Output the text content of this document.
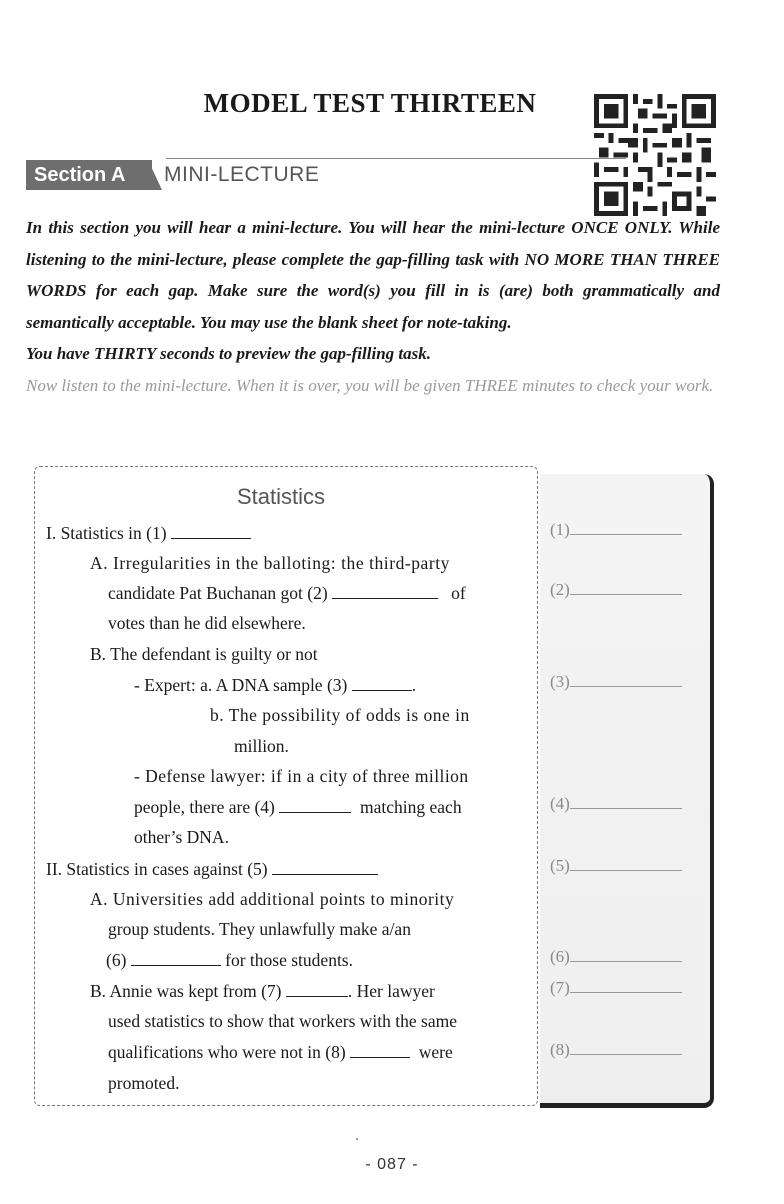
MODEL TEST THIRTEEN
Section A	MINI-LECTURE

In this section you will hear a mini-lecture. You will hear the mini-lecture ONCE ONLY. While listening to the mini-lecture, please complete the gap-filling task with NO MORE THAN THREE WORDS for each gap. Make sure the word(s) you fill in is (are) both grammatically and semantically acceptable. You may use the blank sheet for note-taking.

You have THIRTY seconds to preview the gap-filling task.

Now listen to the mini-lecture. When it is over, you will be given THREE minutes to check your work.

Statistics
I. Statistics in (1)
A. Irregularities in the balloting: the third-party
candidate Pat Buchanan got (2)	of
votes than he did elsewhere.
B. The defendant is guilty or not
- Expert: a. A DNA sample (3)	.
b. The possibility of odds is one in
million.
- Defense lawyer: if in a city of three million
people, there are (4)	matching each
other’s DNA.
II. Statistics in cases against (5)
A. Universities add additional points to minority
group students. They unlawfully make a/an
(6)	for those students.
B. Annie was kept from (7)	. Her lawyer
used statistics to show that workers with the same
qualifications who were not in (8)	were
promoted.
(1)
(2)
(3)
(4)
(5)
(6)
(7)
(8)
- 087 -
